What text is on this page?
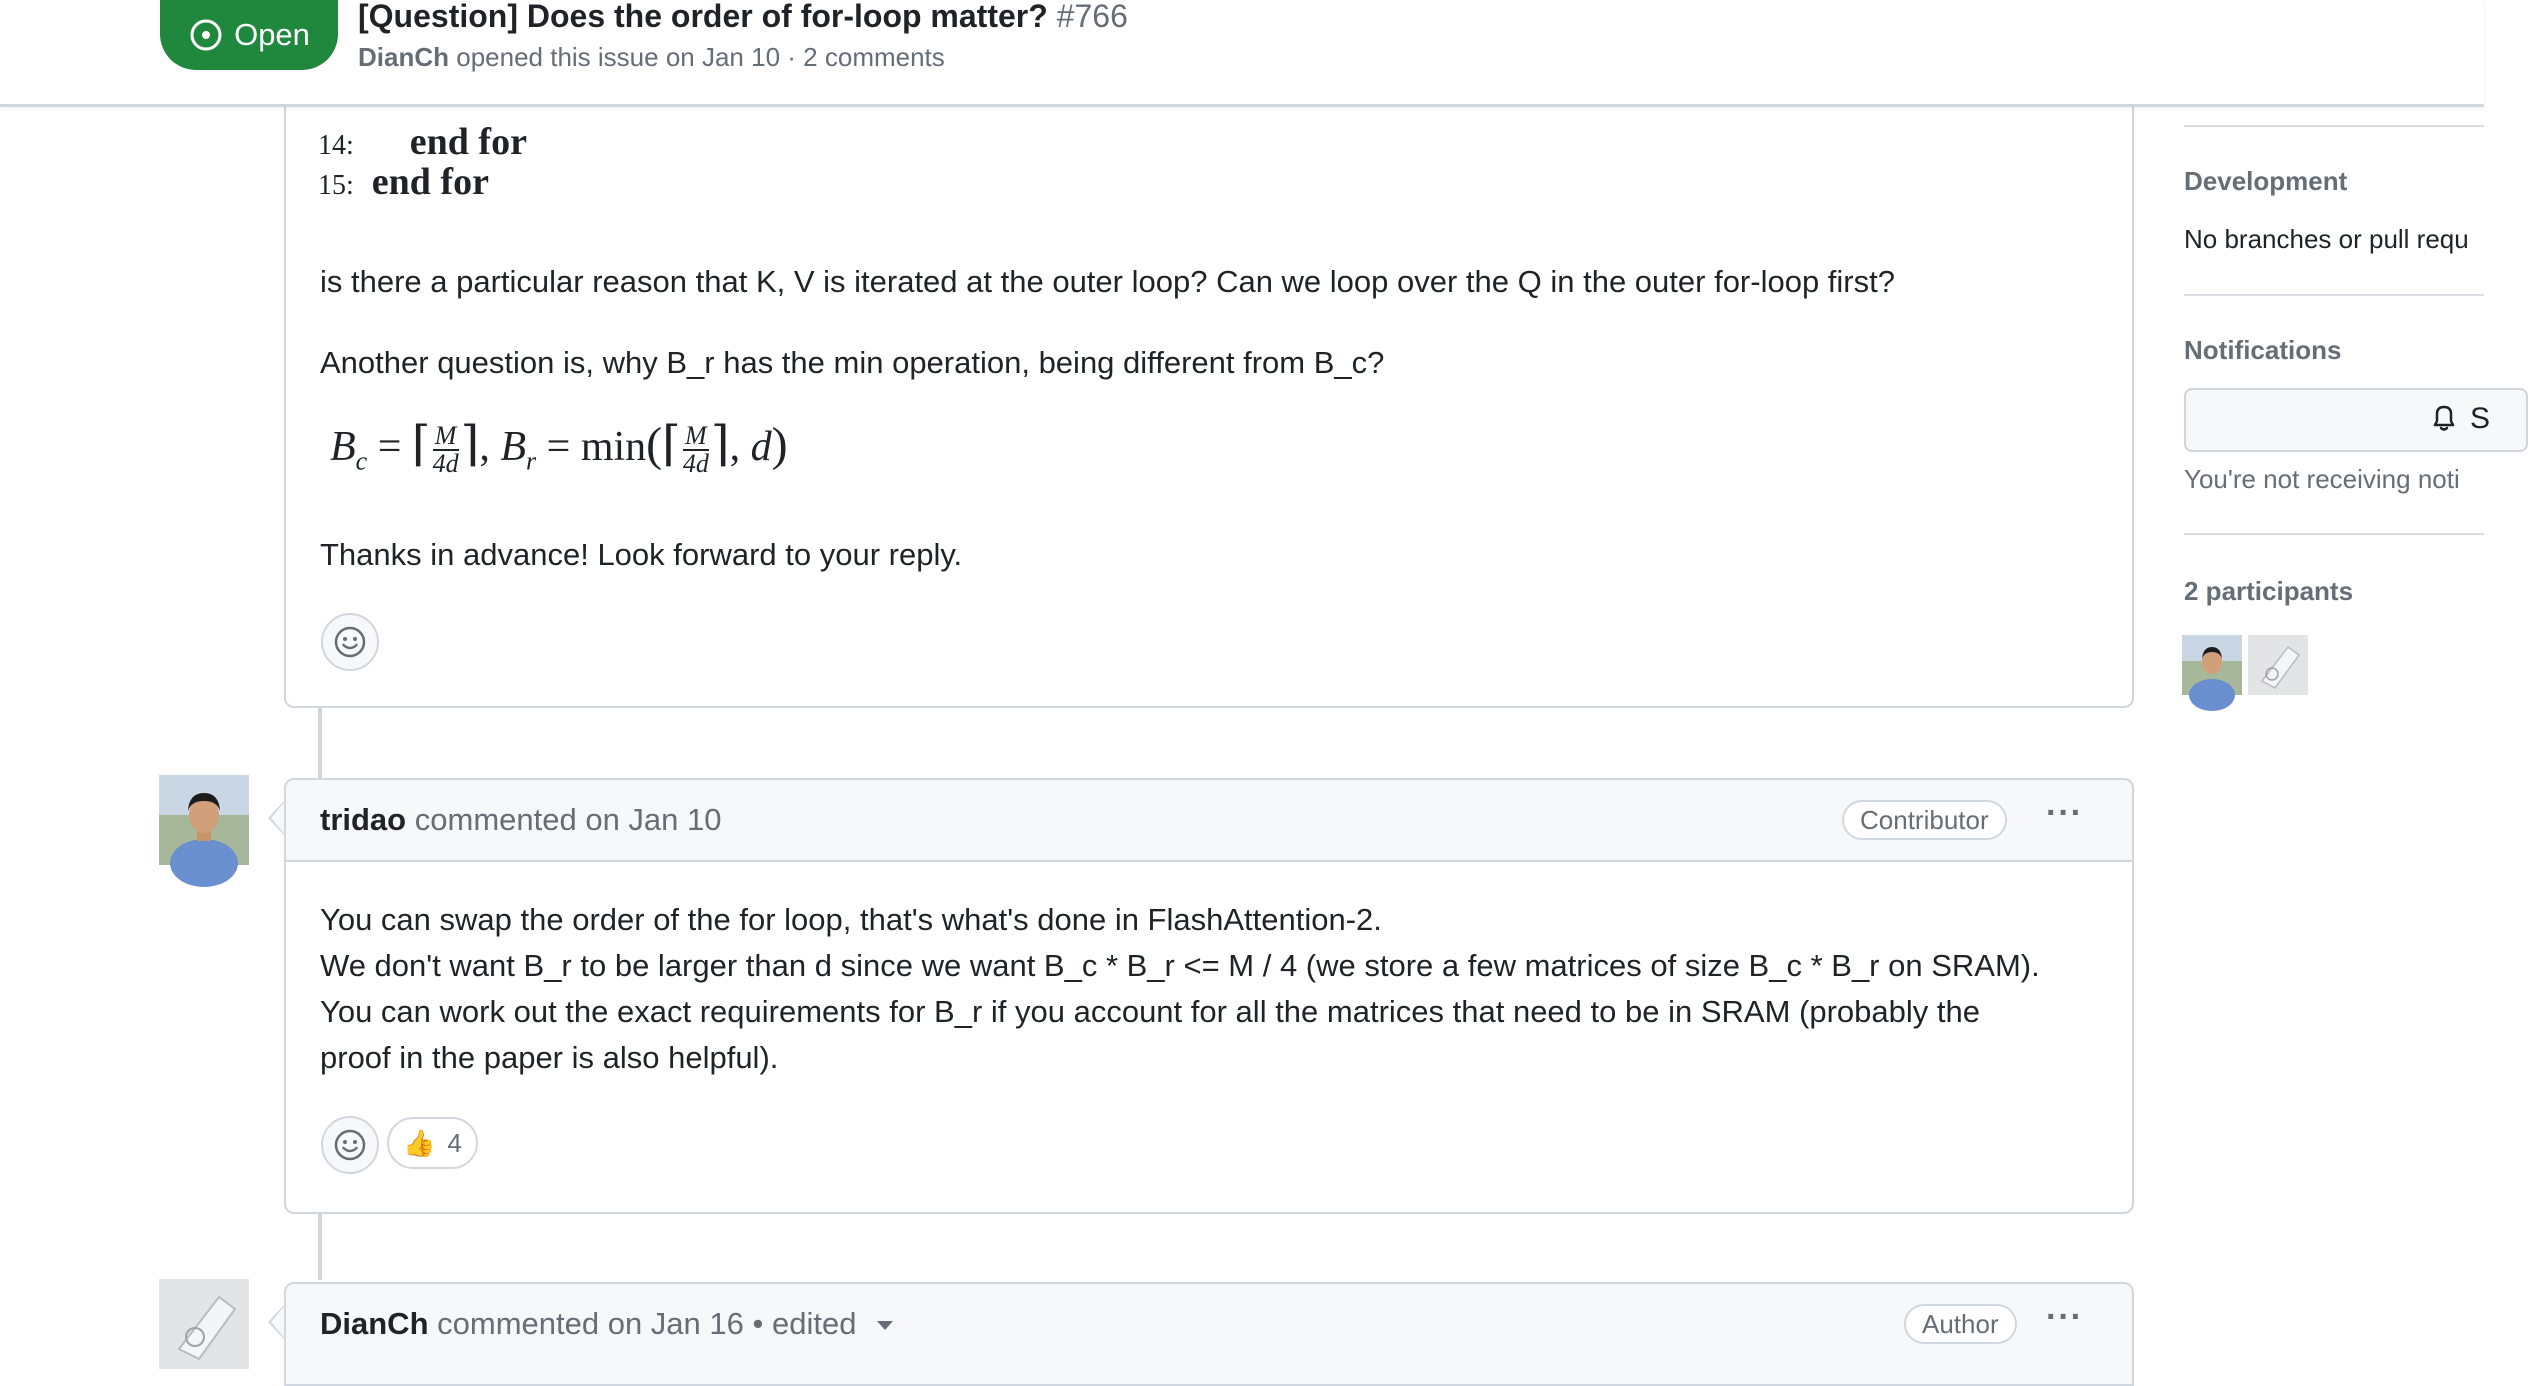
Open
[Question] Does the order of for-loop matter? #766
DianCh opened this issue on Jan 10 · 2 comments
14: end for
15: end for
is there a particular reason that K, V is iterated at the outer loop? Can we loop over the Q in the outer for-loop first?
Another question is, why B_r has the min operation, being different from B_c?
$B_c$ = ⌈ $\frac{M}{4d}$ ⌉, $B_r$ = min(⌈ $\frac{M}{4d}$ ⌉, d)
Thanks in advance! Look forward to your reply.
tridao commented on Jan 10	Contributor	···
You can swap the order of the for loop, that's what's done in FlashAttention-2.
We don't want B_r to be larger than d since we want B_c * B_r <= M / 4 (we store a few matrices of size B_c * B_r on SRAM).
You can work out the exact requirements for B_r if you account for all the matrices that need to be in SRAM (probably the
proof in the paper is also helpful).
👍 4
DianCh commented on Jan 16 • edited	Author	···
Development
No branches or pull requ
Notifications
S
You're not receiving noti
2 participants
